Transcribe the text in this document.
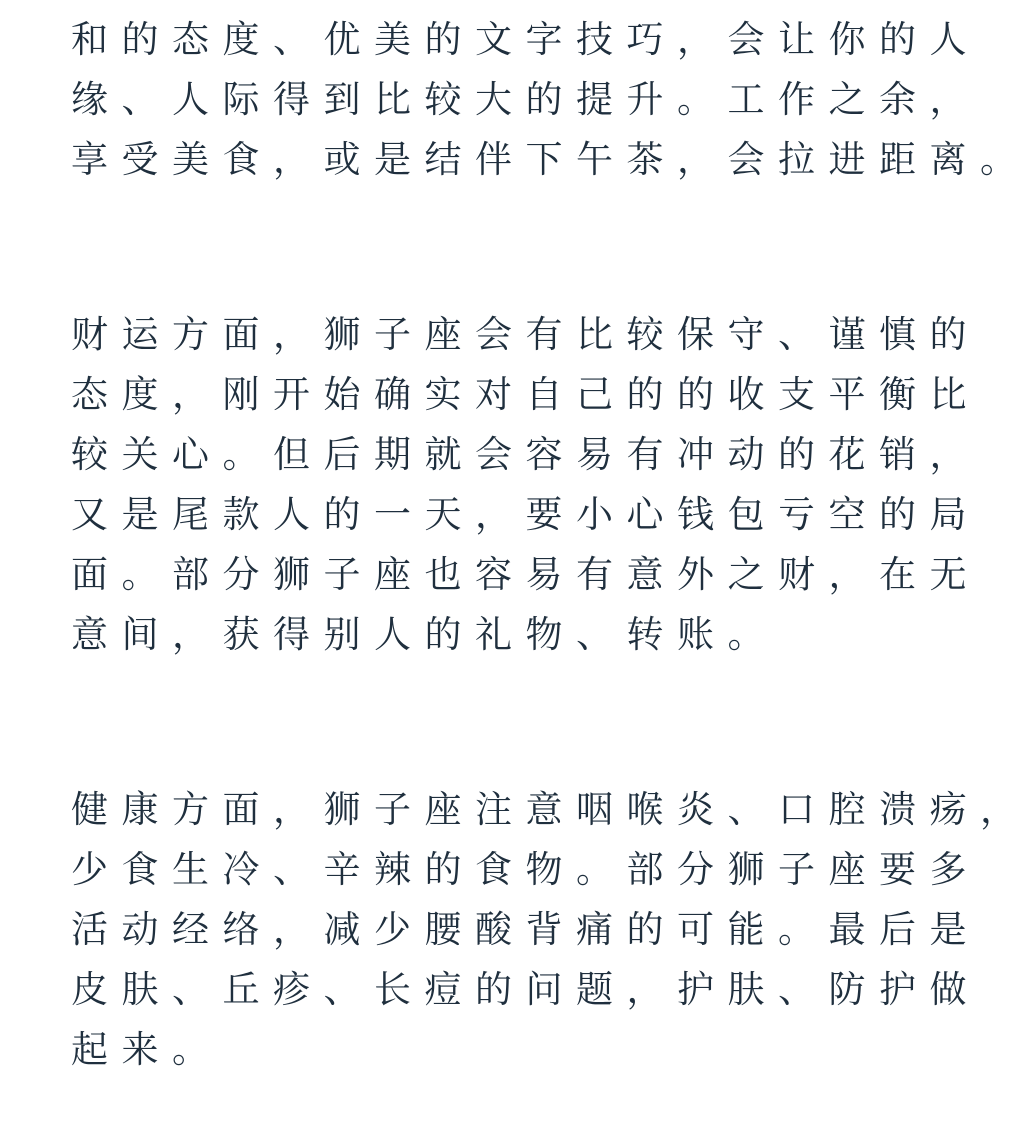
和的态度、优美的文字技巧，会让你的人
缘、人际得到比较大的提升。工作之余，
享受美食，或是结伴下午茶，会拉进距离。
财运方面，狮子座会有比较保守、谨慎的
态度，刚开始确实对自己的的收支平衡比
较关心。但后期就会容易有冲动的花销，
又是尾款人的一天，要小心钱包亏空的局
面。部分狮子座也容易有意外之财，在无
意间，获得别人的礼物、转账。
健康方面，狮子座注意咽喉炎、口腔溃疡，
少食生冷、辛辣的食物。部分狮子座要多
活动经络，减少腰酸背痛的可能。最后是
皮肤、丘疹、长痘的问题，护肤、防护做
起来。
